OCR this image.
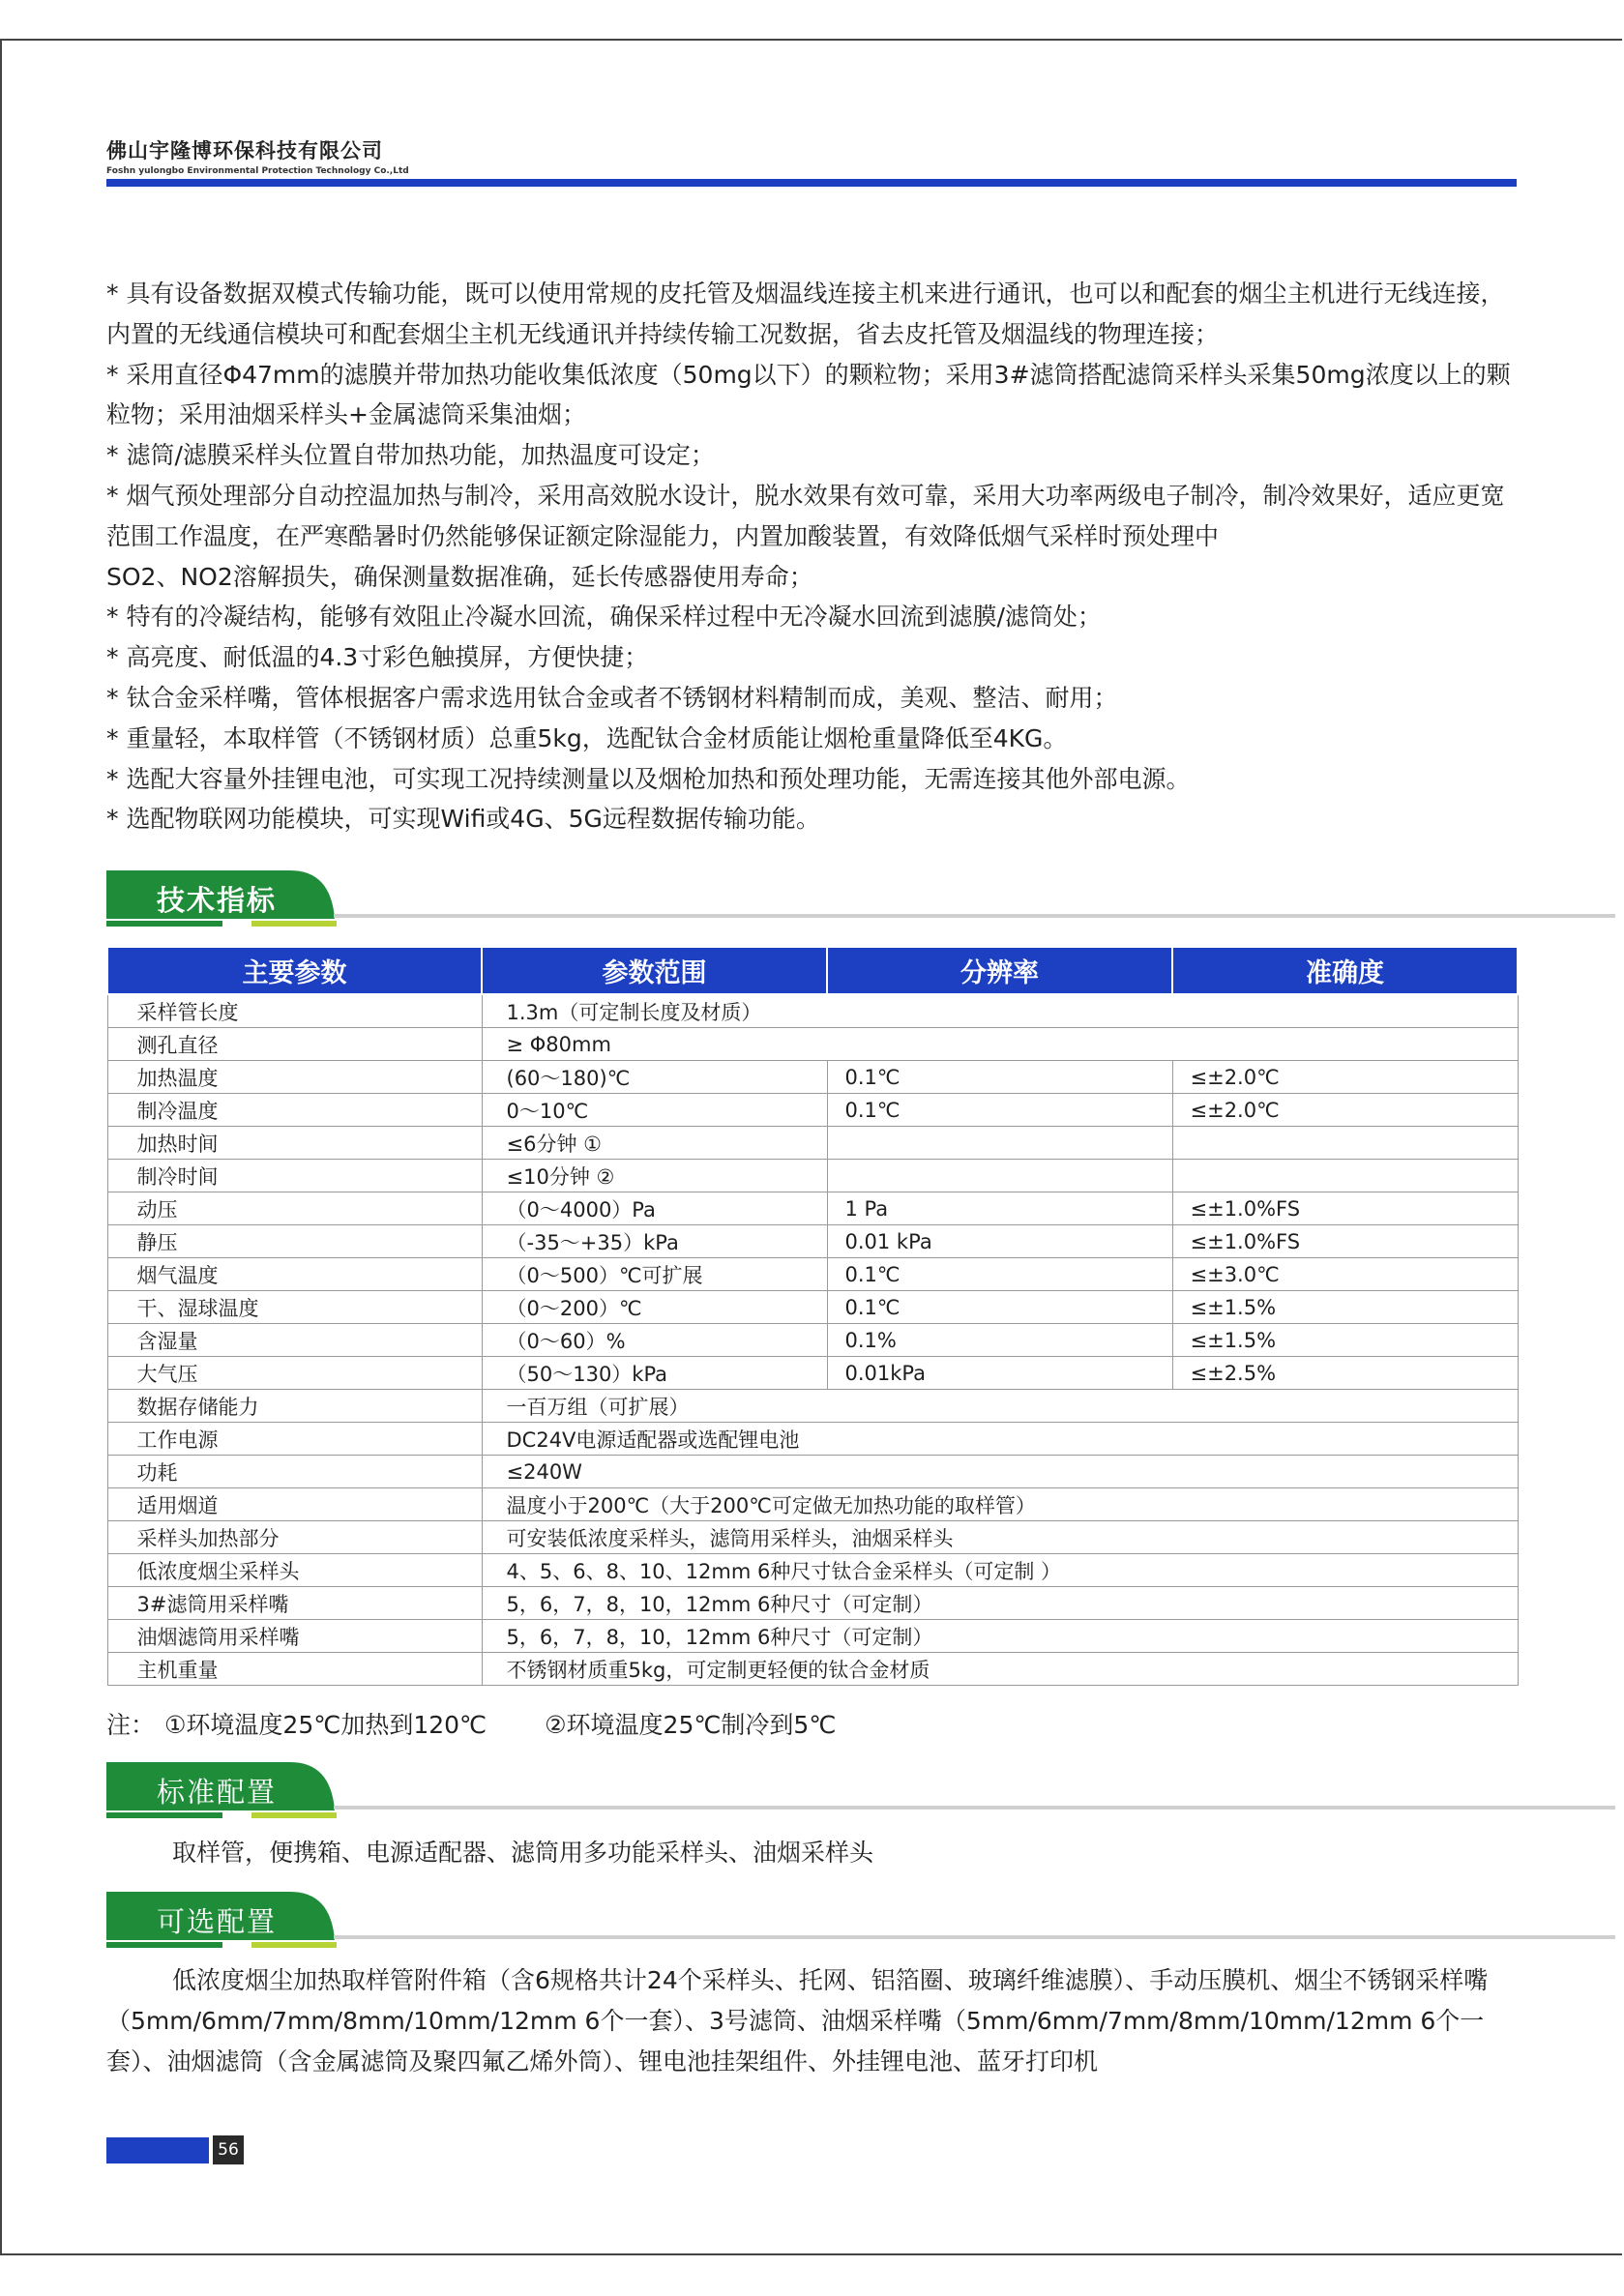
佛山宇隆博环保科技有限公司
Foshn yulongbo Environmental Protection Technology Co.,Ltd

* 具有设备数据双模式传输功能，既可以使用常规的皮托管及烟温线连接主机来进行通讯，也可以和配套的烟尘主机进行无线连接，内置的无线通信模块可和配套烟尘主机无线通讯并持续传输工况数据，省去皮托管及烟温线的物理连接；

* 采用直径Φ47mm的滤膜并带加热功能收集低浓度（50mg以下）的颗粒物；采用3#滤筒搭配滤筒采样头采集50mg浓度以上的颗粒物；采用油烟采样头+金属滤筒采集油烟；

* 滤筒/滤膜采样头位置自带加热功能，加热温度可设定；

* 烟气预处理部分自动控温加热与制冷，采用高效脱水设计，脱水效果有效可靠，采用大功率两级电子制冷，制冷效果好，适应更宽范围工作温度，在严寒酷暑时仍然能够保证额定除湿能力，内置加酸装置，有效降低烟气采样时预处理中

SO2、NO2溶解损失，确保测量数据准确，延长传感器使用寿命；

* 特有的冷凝结构，能够有效阻止冷凝水回流，确保采样过程中无冷凝水回流到滤膜/滤筒处；

* 高亮度、耐低温的4.3寸彩色触摸屏，方便快捷；

* 钛合金采样嘴，管体根据客户需求选用钛合金或者不锈钢材料精制而成，美观、整洁、耐用；

* 重量轻，本取样管（不锈钢材质）总重5kg，选配钛合金材质能让烟枪重量降低至4KG。

* 选配大容量外挂锂电池，可实现工况持续测量以及烟枪加热和预处理功能，无需连接其他外部电源。

* 选配物联网功能模块，可实现Wifi或4G、5G远程数据传输功能。

技术指标
主要参数	参数范围	分辨率	准确度
采样管长度	1.3m（可定制长度及材质）		
测孔直径	≥ Φ80mm		
加热温度	(60～180)℃	0.1℃	≤±2.0℃
制冷温度	0～10℃	0.1℃	≤±2.0℃
加热时间	≤6分钟 ①		
制冷时间	≤10分钟 ②		
动压	（0～4000）Pa	1 Pa	≤±1.0%FS
静压	（-35～+35）kPa	0.01 kPa	≤±1.0%FS
烟气温度	（0～500）℃可扩展	0.1℃	≤±3.0℃
干、湿球温度	（0～200）℃	0.1℃	≤±1.5%
含湿量	（0～60）%	0.1%	≤±1.5%
大气压	（50～130）kPa	0.01kPa	≤±2.5%
数据存储能力	一百万组（可扩展）		
工作电源	DC24V电源适配器或选配锂电池		
功耗	≤240W		
适用烟道	温度小于200℃（大于200℃可定做无加热功能的取样管）		
采样头加热部分	可安装低浓度采样头，滤筒用采样头，油烟采样头		
低浓度烟尘采样头	4、5、6、8、10、12mm 6种尺寸钛合金采样头（可定制 ）		
3#滤筒用采样嘴	5，6，7，8，10，12mm 6种尺寸（可定制）		
油烟滤筒用采样嘴	5，6，7，8，10，12mm 6种尺寸（可定制）		
主机重量	不锈钢材质重5kg，可定制更轻便的钛合金材质		
注： ①环境温度25℃加热到120℃ ②环境温度25℃制冷到5℃
标准配置
取样管，便携箱、电源适配器、滤筒用多功能采样头、油烟采样头
可选配置
低浓度烟尘加热取样管附件箱（含6规格共计24个采样头、托网、铝箔圈、玻璃纤维滤膜）、手动压膜机、烟尘不锈钢采样嘴（5mm/6mm/7mm/8mm/10mm/12mm 6个一套）、3号滤筒、油烟采样嘴（5mm/6mm/7mm/8mm/10mm/12mm 6个一套）、油烟滤筒（含金属滤筒及聚四氟乙烯外筒）、锂电池挂架组件、外挂锂电池、蓝牙打印机
56
